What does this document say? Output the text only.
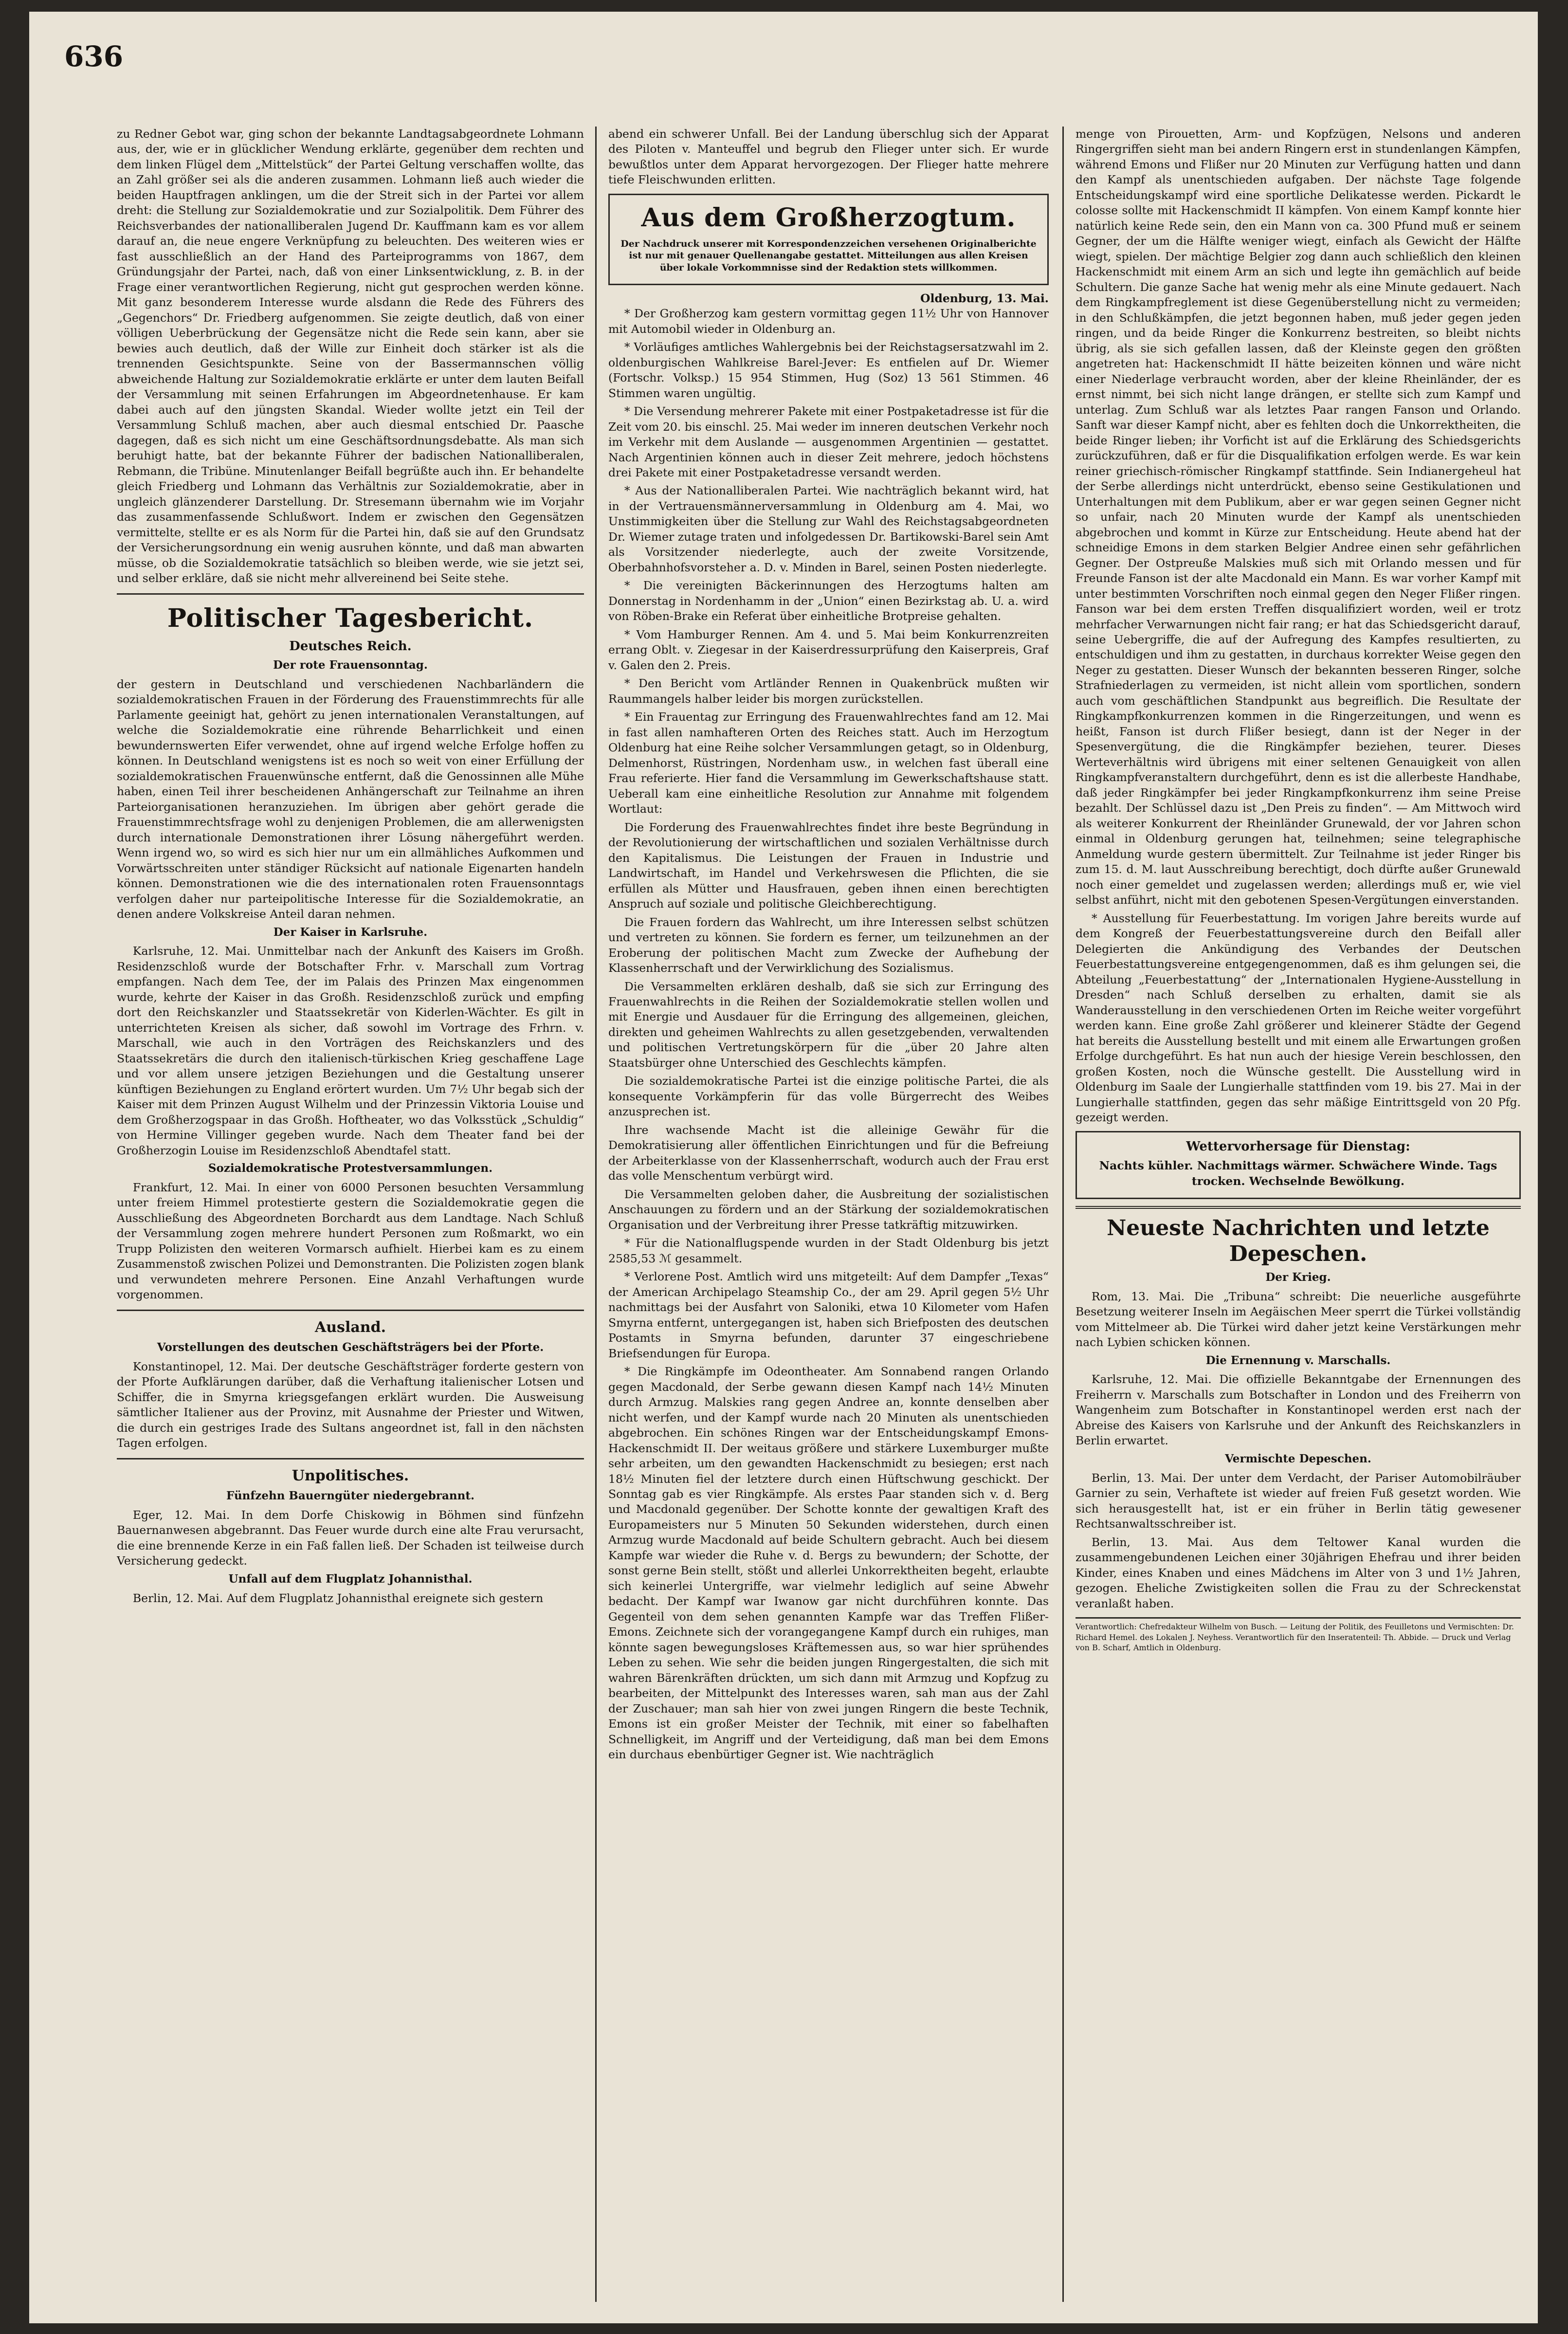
636

zu Redner Gebot war, ging schon der bekannte Landtagsabgeordnete Lohmann aus, der, wie er in glücklicher Wendung erklärte, gegenüber dem rechten und dem linken Flügel dem „Mittelstück“ der Partei Geltung verschaffen wollte, das an Zahl größer sei als die anderen zusammen. Lohmann ließ auch wieder die beiden Hauptfragen anklingen, um die der Streit sich in der Partei vor allem dreht: die Stellung zur Sozialdemokratie und zur Sozialpolitik. Dem Führer des Reichsverbandes der nationalliberalen Jugend Dr. Kauffmann kam es vor allem darauf an, die neue engere Verknüpfung zu beleuchten. Des weiteren wies er fast ausschließlich an der Hand des Parteiprogramms von 1867, dem Gründungsjahr der Partei, nach, daß von einer Linksentwicklung, z. B. in der Frage einer verantwortlichen Regierung, nicht gut gesprochen werden könne. Mit ganz besonderem Interesse wurde alsdann die Rede des Führers des „Gegenchors“ Dr. Friedberg aufgenommen. Sie zeigte deutlich, daß von einer völligen Ueberbrückung der Gegensätze nicht die Rede sein kann, aber sie bewies auch deutlich, daß der Wille zur Einheit doch stärker ist als die trennenden Gesichtspunkte. Seine von der Bassermannschen völlig abweichende Haltung zur Sozialdemokratie erklärte er unter dem lauten Beifall der Versammlung mit seinen Erfahrungen im Abgeordnetenhause. Er kam dabei auch auf den jüngsten Skandal. Wieder wollte jetzt ein Teil der Versammlung Schluß machen, aber auch diesmal entschied Dr. Paasche dagegen, daß es sich nicht um eine Geschäftsordnungsdebatte. Als man sich beruhigt hatte, bat der bekannte Führer der badischen Nationalliberalen, Rebmann, die Tribüne. Minutenlanger Beifall begrüßte auch ihn. Er behandelte gleich Friedberg und Lohmann das Verhältnis zur Sozialdemokratie, aber in ungleich glänzenderer Darstellung. Dr. Stresemann übernahm wie im Vorjahr das zusammenfassende Schlußwort. Indem er zwischen den Gegensätzen vermittelte, stellte er es als Norm für die Partei hin, daß sie auf den Grundsatz der Versicherungsordnung ein wenig ausruhen könnte, und daß man abwarten müsse, ob die Sozialdemokratie tatsächlich so bleiben werde, wie sie jetzt sei, und selber erkläre, daß sie nicht mehr allvereinend bei Seite stehe.

Politischer Tagesbericht.
Deutsches Reich.
Der rote Frauensonntag.

der gestern in Deutschland und verschiedenen Nachbarländern die sozialdemokratischen Frauen in der Förderung des Frauenstimmrechts für alle Parlamente geeinigt hat, gehört zu jenen internationalen Veranstaltungen, auf welche die Sozialdemokratie eine rührende Beharrlichkeit und einen bewundernswerten Eifer verwendet, ohne auf irgend welche Erfolge hoffen zu können. In Deutschland wenigstens ist es noch so weit von einer Erfüllung der sozialdemokratischen Frauenwünsche entfernt, daß die Genossinnen alle Mühe haben, einen Teil ihrer bescheidenen Anhängerschaft zur Teilnahme an ihren Parteiorganisationen heranzuziehen. Im übrigen aber gehört gerade die Frauenstimmrechtsfrage wohl zu denjenigen Problemen, die am allerwenigsten durch internationale Demonstrationen ihrer Lösung nähergeführt werden. Wenn irgend wo, so wird es sich hier nur um ein allmähliches Aufkommen und Vorwärtsschreiten unter ständiger Rücksicht auf nationale Eigenarten handeln können. Demonstrationen wie die des internationalen roten Frauensonntags verfolgen daher nur parteipolitische Interesse für die Sozialdemokratie, an denen andere Volkskreise Anteil daran nehmen.

Der Kaiser in Karlsruhe.

Karlsruhe, 12. Mai. Unmittelbar nach der Ankunft des Kaisers im Großh. Residenzschloß wurde der Botschafter Frhr. v. Marschall zum Vortrag empfangen. Nach dem Tee, der im Palais des Prinzen Max eingenommen wurde, kehrte der Kaiser in das Großh. Residenzschloß zurück und empfing dort den Reichskanzler und Staatssekretär von Kiderlen-Wächter. Es gilt in unterrichteten Kreisen als sicher, daß sowohl im Vortrage des Frhrn. v. Marschall, wie auch in den Vorträgen des Reichskanzlers und des Staatssekretärs die durch den italienisch-türkischen Krieg geschaffene Lage und vor allem unsere jetzigen Beziehungen und die Gestaltung unserer künftigen Beziehungen zu England erörtert wurden. Um 7½ Uhr begab sich der Kaiser mit dem Prinzen August Wilhelm und der Prinzessin Viktoria Louise und dem Großherzogspaar in das Großh. Hoftheater, wo das Volksstück „Schuldig“ von Hermine Villinger gegeben wurde. Nach dem Theater fand bei der Großherzogin Louise im Residenzschloß Abendtafel statt.

Sozialdemokratische Protestversammlungen.

Frankfurt, 12. Mai. In einer von 6000 Personen besuchten Versammlung unter freiem Himmel protestierte gestern die Sozialdemokratie gegen die Ausschließung des Abgeordneten Borchardt aus dem Landtage. Nach Schluß der Versammlung zogen mehrere hundert Personen zum Roßmarkt, wo ein Trupp Polizisten den weiteren Vormarsch aufhielt. Hierbei kam es zu einem Zusammenstoß zwischen Polizei und Demonstranten. Die Polizisten zogen blank und verwundeten mehrere Personen. Eine Anzahl Verhaftungen wurde vorgenommen.

Ausland.
Vorstellungen des deutschen Geschäftsträgers bei der Pforte.

Konstantinopel, 12. Mai. Der deutsche Geschäftsträger forderte gestern von der Pforte Aufklärungen darüber, daß die Verhaftung italienischer Lotsen und Schiffer, die in Smyrna kriegsgefangen erklärt wurden. Die Ausweisung sämtlicher Italiener aus der Provinz, mit Ausnahme der Priester und Witwen, die durch ein gestriges Irade des Sultans angeordnet ist, fall in den nächsten Tagen erfolgen.

Unpolitisches.
Fünfzehn Bauerngüter niedergebrannt.

Eger, 12. Mai. In dem Dorfe Chiskowig in Böhmen sind fünfzehn Bauernanwesen abgebrannt. Das Feuer wurde durch eine alte Frau verursacht, die eine brennende Kerze in ein Faß fallen ließ. Der Schaden ist teilweise durch Versicherung gedeckt.

Unfall auf dem Flugplatz Johannisthal.

Berlin, 12. Mai. Auf dem Flugplatz Johannisthal ereignete sich gestern

abend ein schwerer Unfall. Bei der Landung überschlug sich der Apparat des Piloten v. Manteuffel und begrub den Flieger unter sich. Er wurde bewußtlos unter dem Apparat hervorgezogen. Der Flieger hatte mehrere tiefe Fleischwunden erlitten.

Aus dem Großherzogtum.
Der Nachdruck unserer mit Korrespondenzzeichen versehenen Originalberichte ist nur mit genauer Quellenangabe gestattet. Mitteilungen aus allen Kreisen über lokale Vorkommnisse sind der Redaktion stets willkommen.
Oldenburg, 13. Mai.

* Der Großherzog kam gestern vormittag gegen 11½ Uhr von Hannover mit Automobil wieder in Oldenburg an.

* Vorläufiges amtliches Wahlergebnis bei der Reichstagsersatzwahl im 2. oldenburgischen Wahlkreise Barel-Jever: Es entfielen auf Dr. Wiemer (Fortschr. Volksp.) 15 954 Stimmen, Hug (Soz) 13 561 Stimmen. 46 Stimmen waren ungültig.

* Die Versendung mehrerer Pakete mit einer Postpaketadresse ist für die Zeit vom 20. bis einschl. 25. Mai weder im inneren deutschen Verkehr noch im Verkehr mit dem Auslande — ausgenommen Argentinien — gestattet. Nach Argentinien können auch in dieser Zeit mehrere, jedoch höchstens drei Pakete mit einer Postpaketadresse versandt werden.

* Aus der Nationalliberalen Partei. Wie nachträglich bekannt wird, hat in der Vertrauensmännerversammlung in Oldenburg am 4. Mai, wo Unstimmigkeiten über die Stellung zur Wahl des Reichstagsabgeordneten Dr. Wiemer zutage traten und infolgedessen Dr. Bartikowski-Barel sein Amt als Vorsitzender niederlegte, auch der zweite Vorsitzende, Oberbahnhofsvorsteher a. D. v. Minden in Barel, seinen Posten niederlegte.

* Die vereinigten Bäckerinnungen des Herzogtums halten am Donnerstag in Nordenhamm in der „Union“ einen Bezirkstag ab. U. a. wird von Röben-Brake ein Referat über einheitliche Brotpreise gehalten.

* Vom Hamburger Rennen. Am 4. und 5. Mai beim Konkurrenzreiten errang Oblt. v. Ziegesar in der Kaiserdressurprüfung den Kaiserpreis, Graf v. Galen den 2. Preis.

* Den Bericht vom Artländer Rennen in Quakenbrück mußten wir Raummangels halber leider bis morgen zurückstellen.

* Ein Frauentag zur Erringung des Frauenwahlrechtes fand am 12. Mai in fast allen namhafteren Orten des Reiches statt. Auch im Herzogtum Oldenburg hat eine Reihe solcher Versammlungen getagt, so in Oldenburg, Delmenhorst, Rüstringen, Nordenham usw., in welchen fast überall eine Frau referierte. Hier fand die Versammlung im Gewerkschaftshause statt. Ueberall kam eine einheitliche Resolution zur Annahme mit folgendem Wortlaut:

Die Forderung des Frauenwahlrechtes findet ihre beste Begründung in der Revolutionierung der wirtschaftlichen und sozialen Verhältnisse durch den Kapitalismus. Die Leistungen der Frauen in Industrie und Landwirtschaft, im Handel und Verkehrswesen die Pflichten, die sie erfüllen als Mütter und Hausfrauen, geben ihnen einen berechtigten Anspruch auf soziale und politische Gleichberechtigung.

Die Frauen fordern das Wahlrecht, um ihre Interessen selbst schützen und vertreten zu können. Sie fordern es ferner, um teilzunehmen an der Eroberung der politischen Macht zum Zwecke der Aufhebung der Klassenherrschaft und der Verwirklichung des Sozialismus.

Die Versammelten erklären deshalb, daß sie sich zur Erringung des Frauenwahlrechts in die Reihen der Sozialdemokratie stellen wollen und mit Energie und Ausdauer für die Erringung des allgemeinen, gleichen, direkten und geheimen Wahlrechts zu allen gesetzgebenden, verwaltenden und politischen Vertretungskörpern für die „über 20 Jahre alten Staatsbürger ohne Unterschied des Geschlechts kämpfen.

Die sozialdemokratische Partei ist die einzige politische Partei, die als konsequente Vorkämpferin für das volle Bürgerrecht des Weibes anzusprechen ist.

Ihre wachsende Macht ist die alleinige Gewähr für die Demokratisierung aller öffentlichen Einrichtungen und für die Befreiung der Arbeiterklasse von der Klassenherrschaft, wodurch auch der Frau erst das volle Menschentum verbürgt wird.

Die Versammelten geloben daher, die Ausbreitung der sozialistischen Anschauungen zu fördern und an der Stärkung der sozialdemokratischen Organisation und der Verbreitung ihrer Presse tatkräftig mitzuwirken.

* Für die Nationalflugspende wurden in der Stadt Oldenburg bis jetzt 2585,53 ℳ gesammelt.

* Verlorene Post. Amtlich wird uns mitgeteilt: Auf dem Dampfer „Texas“ der American Archipelago Steamship Co., der am 29. April gegen 5½ Uhr nachmittags bei der Ausfahrt von Saloniki, etwa 10 Kilometer vom Hafen Smyrna entfernt, untergegangen ist, haben sich Briefposten des deutschen Postamts in Smyrna befunden, darunter 37 eingeschriebene Briefsendungen für Europa.

* Die Ringkämpfe im Odeontheater. Am Sonnabend rangen Orlando gegen Macdonald, der Serbe gewann diesen Kampf nach 14½ Minuten durch Armzug. Malskies rang gegen Andree an, konnte denselben aber nicht werfen, und der Kampf wurde nach 20 Minuten als unentschieden abgebrochen. Ein schönes Ringen war der Entscheidungskampf Emons-Hackenschmidt II. Der weitaus größere und stärkere Luxemburger mußte sehr arbeiten, um den gewandten Hackenschmidt zu besiegen; erst nach 18½ Minuten fiel der letztere durch einen Hüftschwung geschickt. Der Sonntag gab es vier Ringkämpfe. Als erstes Paar standen sich v. d. Berg und Macdonald gegenüber. Der Schotte konnte der gewaltigen Kraft des Europameisters nur 5 Minuten 50 Sekunden widerstehen, durch einen Armzug wurde Macdonald auf beide Schultern gebracht. Auch bei diesem Kampfe war wieder die Ruhe v. d. Bergs zu bewundern; der Schotte, der sonst gerne Bein stellt, stößt und allerlei Unkorrektheiten begeht, erlaubte sich keinerlei Untergriffe, war vielmehr lediglich auf seine Abwehr bedacht. Der Kampf war Iwanow gar nicht durchführen konnte. Das Gegenteil von dem sehen genannten Kampfe war das Treffen Flißer-Emons. Zeichnete sich der vorangegangene Kampf durch ein ruhiges, man könnte sagen bewegungsloses Kräftemessen aus, so war hier sprühendes Leben zu sehen. Wie sehr die beiden jungen Ringergestalten, die sich mit wahren Bärenkräften drückten, um sich dann mit Armzug und Kopfzug zu bearbeiten, der Mittelpunkt des Interesses waren, sah man aus der Zahl der Zuschauer; man sah hier von zwei jungen Ringern die beste Technik, Emons ist ein großer Meister der Technik, mit einer so fabelhaften Schnelligkeit, im Angriff und der Verteidigung, daß man bei dem Emons ein durchaus ebenbürtiger Gegner ist. Wie nachträglich

menge von Pirouetten, Arm- und Kopfzügen, Nelsons und anderen Ringergriffen sieht man bei andern Ringern erst in stundenlangen Kämpfen, während Emons und Flißer nur 20 Minuten zur Verfügung hatten und dann den Kampf als unentschieden aufgaben. Der nächste Tage folgende Entscheidungskampf wird eine sportliche Delikatesse werden. Pickardt le colosse sollte mit Hackenschmidt II kämpfen. Von einem Kampf konnte hier natürlich keine Rede sein, den ein Mann von ca. 300 Pfund muß er seinem Gegner, der um die Hälfte weniger wiegt, einfach als Gewicht der Hälfte wiegt, spielen. Der mächtige Belgier zog dann auch schließlich den kleinen Hackenschmidt mit einem Arm an sich und legte ihn gemächlich auf beide Schultern. Die ganze Sache hat wenig mehr als eine Minute gedauert. Nach dem Ringkampfreglement ist diese Gegenüberstellung nicht zu vermeiden; in den Schlußkämpfen, die jetzt begonnen haben, muß jeder gegen jeden ringen, und da beide Ringer die Konkurrenz bestreiten, so bleibt nichts übrig, als sie sich gefallen lassen, daß der Kleinste gegen den größten angetreten hat: Hackenschmidt II hätte beizeiten können und wäre nicht einer Niederlage verbraucht worden, aber der kleine Rheinländer, der es ernst nimmt, bei sich nicht lange drängen, er stellte sich zum Kampf und unterlag. Zum Schluß war als letztes Paar rangen Fanson und Orlando. Sanft war dieser Kampf nicht, aber es fehlten doch die Unkorrektheiten, die beide Ringer lieben; ihr Vorficht ist auf die Erklärung des Schiedsgerichts zurückzuführen, daß er für die Disqualifikation erfolgen werde. Es war kein reiner griechisch-römischer Ringkampf stattfinde. Sein Indianergeheul hat der Serbe allerdings nicht unterdrückt, ebenso seine Gestikulationen und Unterhaltungen mit dem Publikum, aber er war gegen seinen Gegner nicht so unfair, nach 20 Minuten wurde der Kampf als unentschieden abgebrochen und kommt in Kürze zur Entscheidung. Heute abend hat der schneidige Emons in dem starken Belgier Andree einen sehr gefährlichen Gegner. Der Ostpreuße Malskies muß sich mit Orlando messen und für Freunde Fanson ist der alte Macdonald ein Mann. Es war vorher Kampf mit unter bestimmten Vorschriften noch einmal gegen den Neger Flißer ringen. Fanson war bei dem ersten Treffen disqualifiziert worden, weil er trotz mehrfacher Verwarnungen nicht fair rang; er hat das Schiedsgericht darauf, seine Uebergriffe, die auf der Aufregung des Kampfes resultierten, zu entschuldigen und ihm zu gestatten, in durchaus korrekter Weise gegen den Neger zu gestatten. Dieser Wunsch der bekannten besseren Ringer, solche Strafniederlagen zu vermeiden, ist nicht allein vom sportlichen, sondern auch vom geschäftlichen Standpunkt aus begreiflich. Die Resultate der Ringkampfkonkurrenzen kommen in die Ringerzeitungen, und wenn es heißt, Fanson ist durch Flißer besiegt, dann ist der Neger in der Spesenvergütung, die die Ringkämpfer beziehen, teurer. Dieses Werteverhältnis wird übrigens mit einer seltenen Genauigkeit von allen Ringkampfveranstaltern durchgeführt, denn es ist die allerbeste Handhabe, daß jeder Ringkämpfer bei jeder Ringkampfkonkurrenz ihm seine Preise bezahlt. Der Schlüssel dazu ist „Den Preis zu finden“. — Am Mittwoch wird als weiterer Konkurrent der Rheinländer Grunewald, der vor Jahren schon einmal in Oldenburg gerungen hat, teilnehmen; seine telegraphische Anmeldung wurde gestern übermittelt. Zur Teilnahme ist jeder Ringer bis zum 15. d. M. laut Ausschreibung berechtigt, doch dürfte außer Grunewald noch einer gemeldet und zugelassen werden; allerdings muß er, wie viel selbst anführt, nicht mit den gebotenen Spesen-Vergütungen einverstanden.

* Ausstellung für Feuerbestattung. Im vorigen Jahre bereits wurde auf dem Kongreß der Feuerbestattungsvereine durch den Beifall aller Delegierten die Ankündigung des Verbandes der Deutschen Feuerbestattungsvereine entgegengenommen, daß es ihm gelungen sei, die Abteilung „Feuerbestattung“ der „Internationalen Hygiene-Ausstellung in Dresden“ nach Schluß derselben zu erhalten, damit sie als Wanderausstellung in den verschiedenen Orten im Reiche weiter vorgeführt werden kann. Eine große Zahl größerer und kleinerer Städte der Gegend hat bereits die Ausstellung bestellt und mit einem alle Erwartungen großen Erfolge durchgeführt. Es hat nun auch der hiesige Verein beschlossen, den großen Kosten, noch die Wünsche gestellt. Die Ausstellung wird in Oldenburg im Saale der Lungierhalle stattfinden vom 19. bis 27. Mai in der Lungierhalle stattfinden, gegen das sehr mäßige Eintrittsgeld von 20 Pfg. gezeigt werden.

Wettervorhersage für Dienstag:

Nachts kühler. Nachmittags wärmer. Schwächere Winde. Tags trocken. Wechselnde Bewölkung.

Neueste Nachrichten und letzte Depeschen.
Der Krieg.

Rom, 13. Mai. Die „Tribuna“ schreibt: Die neuerliche ausgeführte Besetzung weiterer Inseln im Aegäischen Meer sperrt die Türkei vollständig vom Mittelmeer ab. Die Türkei wird daher jetzt keine Verstärkungen mehr nach Lybien schicken können.

Die Ernennung v. Marschalls.

Karlsruhe, 12. Mai. Die offizielle Bekanntgabe der Ernennungen des Freiherrn v. Marschalls zum Botschafter in London und des Freiherrn von Wangenheim zum Botschafter in Konstantinopel werden erst nach der Abreise des Kaisers von Karlsruhe und der Ankunft des Reichskanzlers in Berlin erwartet.

Vermischte Depeschen.

Berlin, 13. Mai. Der unter dem Verdacht, der Pariser Automobilräuber Garnier zu sein, Verhaftete ist wieder auf freien Fuß gesetzt worden. Wie sich herausgestellt hat, ist er ein früher in Berlin tätig gewesener Rechtsanwaltsschreiber ist.

Berlin, 13. Mai. Aus dem Teltower Kanal wurden die zusammengebundenen Leichen einer 30jährigen Ehefrau und ihrer beiden Kinder, eines Knaben und eines Mädchens im Alter von 3 und 1½ Jahren, gezogen. Eheliche Zwistigkeiten sollen die Frau zu der Schreckenstat veranlaßt haben.

Verantwortlich: Chefredakteur Wilhelm von Busch. — Leitung der Politik, des Feuilletons und Vermischten: Dr. Richard Hemel. des Lokalen J. Neyhess. Verantwortlich für den Inseratenteil: Th. Abbide. — Druck und Verlag von B. Scharf, Amtlich in Oldenburg.
